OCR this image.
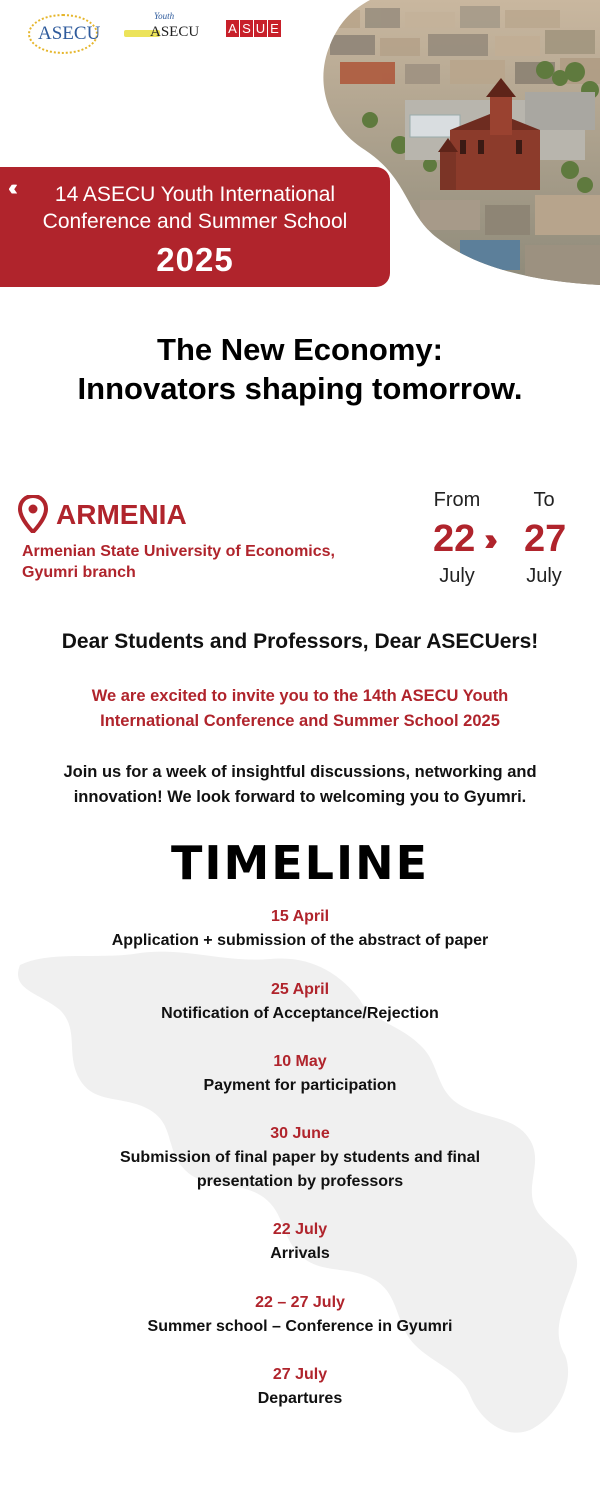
ASECU
Youth
ASECU A S U E
‹‹‹	14 ASECU Youth International
Conference and Summer School
2025
The New Economy:
Innovators shaping tomorrow.
ARMENIA
Armenian State University of Economics,
Gyumri branch
From	To
22 ››› 27
July	July
Dear Students and Professors, Dear ASECUers!
We are excited to invite you to the 14th ASECU Youth
International Conference and Summer School 2025
Join us for a week of insightful discussions, networking and
innovation! We look forward to welcoming you to Gyumri.
TIMELINE
15 April
Application + submission of the abstract of paper
25 April
Notification of Acceptance/Rejection
10 May
Payment for participation
30 June
Submission of final paper by students and final
presentation by professors
22 July
Arrivals
22 – 27 July
Summer school – Conference in Gyumri
27 July
Departures
